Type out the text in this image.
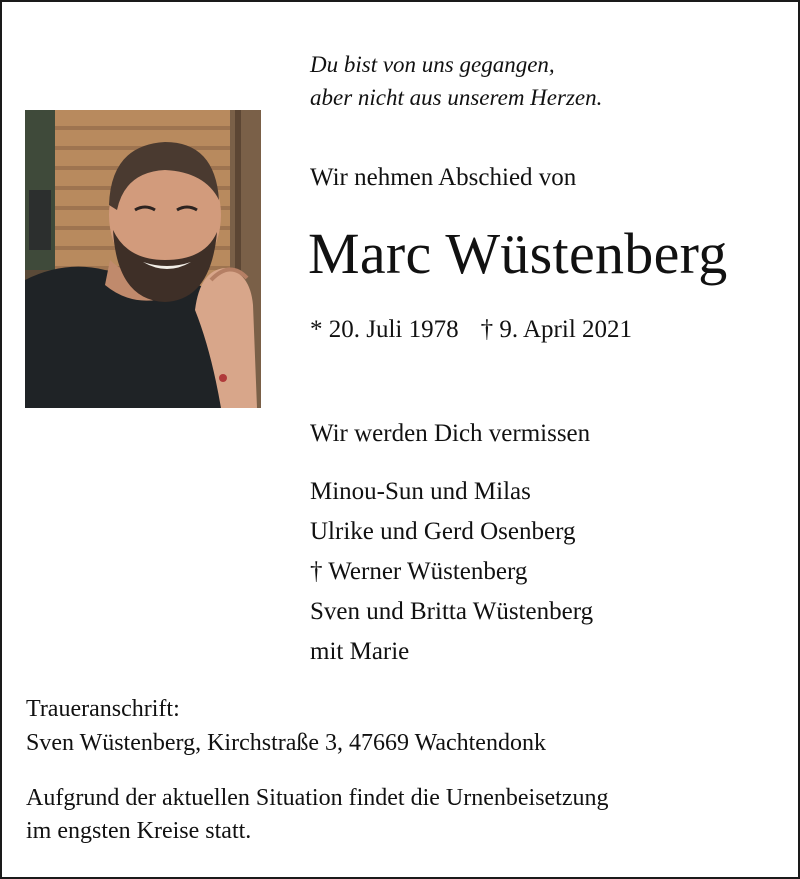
Du bist von uns gegangen,
aber nicht aus unserem Herzen.
Wir nehmen Abschied von
Marc Wüstenberg
* 20. Juli 1978 † 9. April 2021
Wir werden Dich vermissen
Minou-Sun und Milas
Ulrike und Gerd Osenberg
† Werner Wüstenberg
Sven und Britta Wüstenberg
mit Marie
Traueranschrift:
Sven Wüstenberg, Kirchstraße 3, 47669 Wachtendonk
Aufgrund der aktuellen Situation findet die Urnenbeisetzung
im engsten Kreise statt.
